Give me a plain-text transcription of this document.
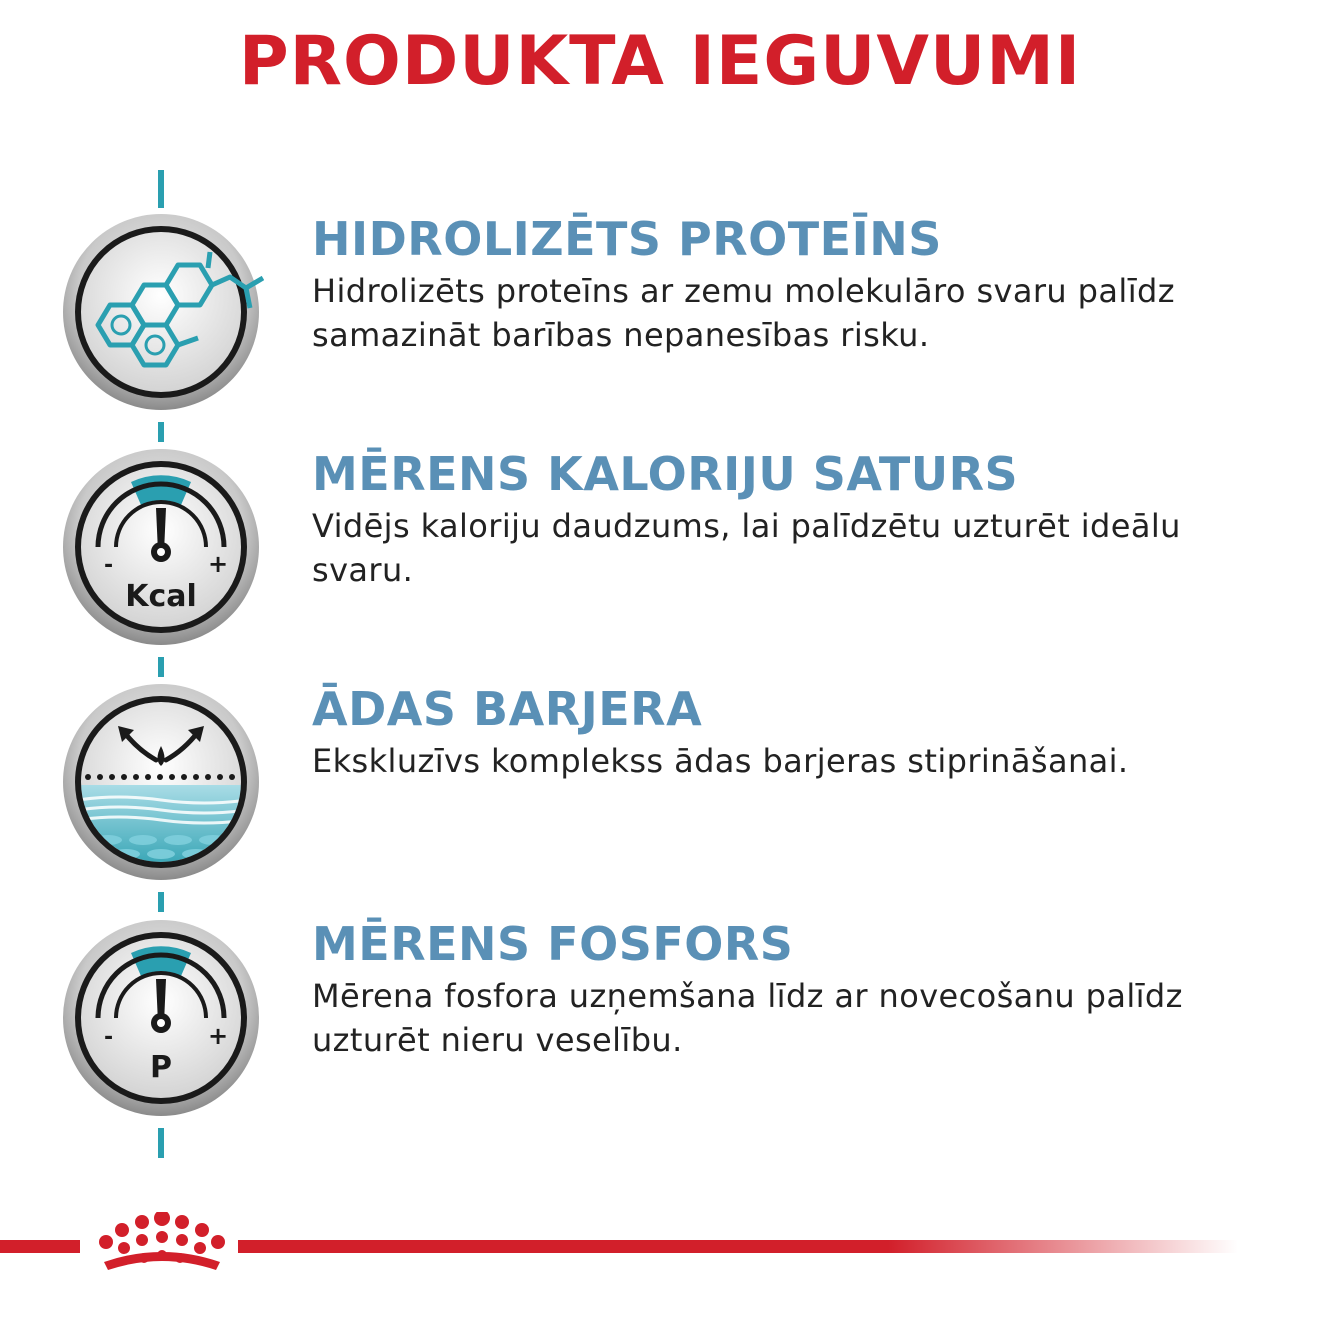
PRODUKTA IEGUVUMI
-	+
Kcal
-	+
P
HIDROLIZĒTS PROTEĪNS

Hidrolizēts proteīns ar zemu molekulāro svaru palīdz
samazināt barības nepanesības risku.

MĒRENS KALORIJU SATURS

Vidējs kaloriju daudzums, lai palīdzētu uzturēt ideālu
svaru.

ĀDAS BARJERA

Ekskluzīvs komplekss ādas barjeras stiprināšanai.

MĒRENS FOSFORS

Mērena fosfora uzņemšana līdz ar novecošanu palīdz
uzturēt nieru veselību.
